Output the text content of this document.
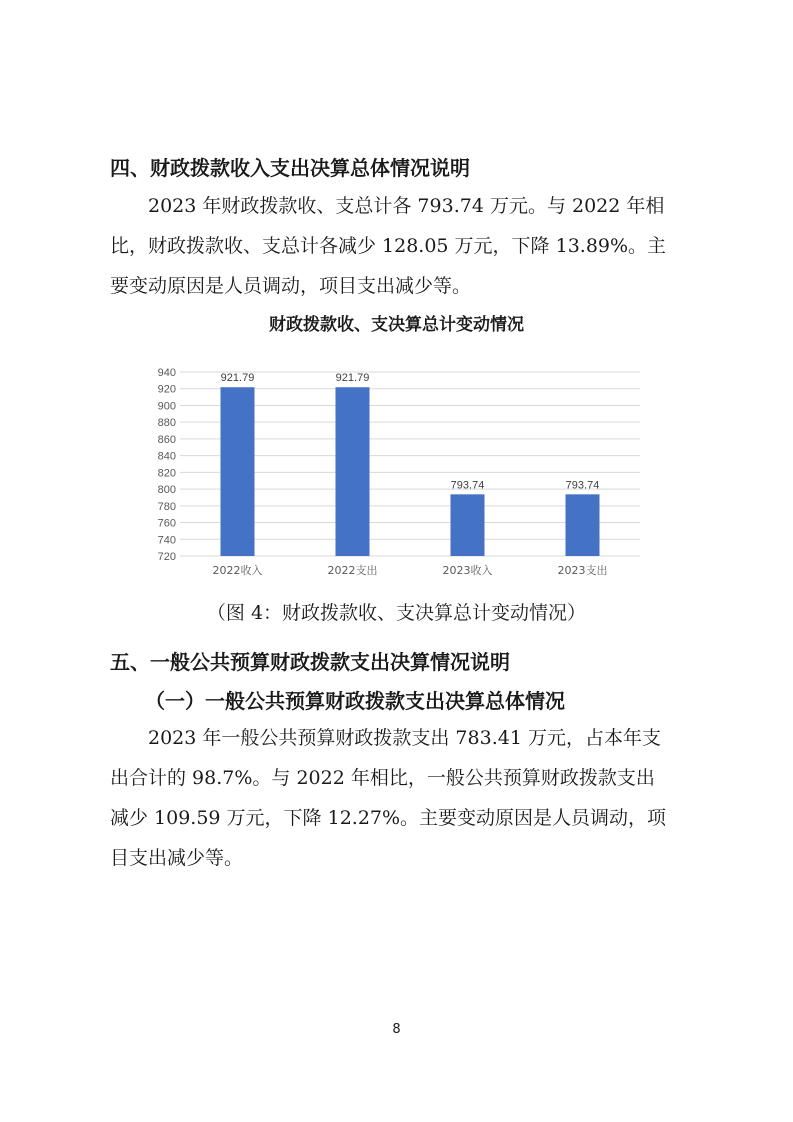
四、财政拨款收入支出决算总体情况说明

2023 年财政拨款收、支总计各 793.74 万元。与 2022 年相
比，财政拨款收、支总计各减少 128.05 万元，下降 13.89%。主
要变动原因是人员调动，项目支出减少等。

财政拨款收、支决算总计变动情况

720
740
760
780
800
820
840
860
880
900
920
940	921.79
2022收入
921.79
2022支出
793.74
2023收入
793.74
2023支出

（图 4：财政拨款收、支决算总计变动情况）

五、一般公共预算财政拨款支出决算情况说明

（一）一般公共预算财政拨款支出决算总体情况

2023 年一般公共预算财政拨款支出 783.41 万元，占本年支
出合计的 98.7%。与 2022 年相比，一般公共预算财政拨款支出
减少 109.59 万元，下降 12.27%。主要变动原因是人员调动，项
目支出减少等。
8
